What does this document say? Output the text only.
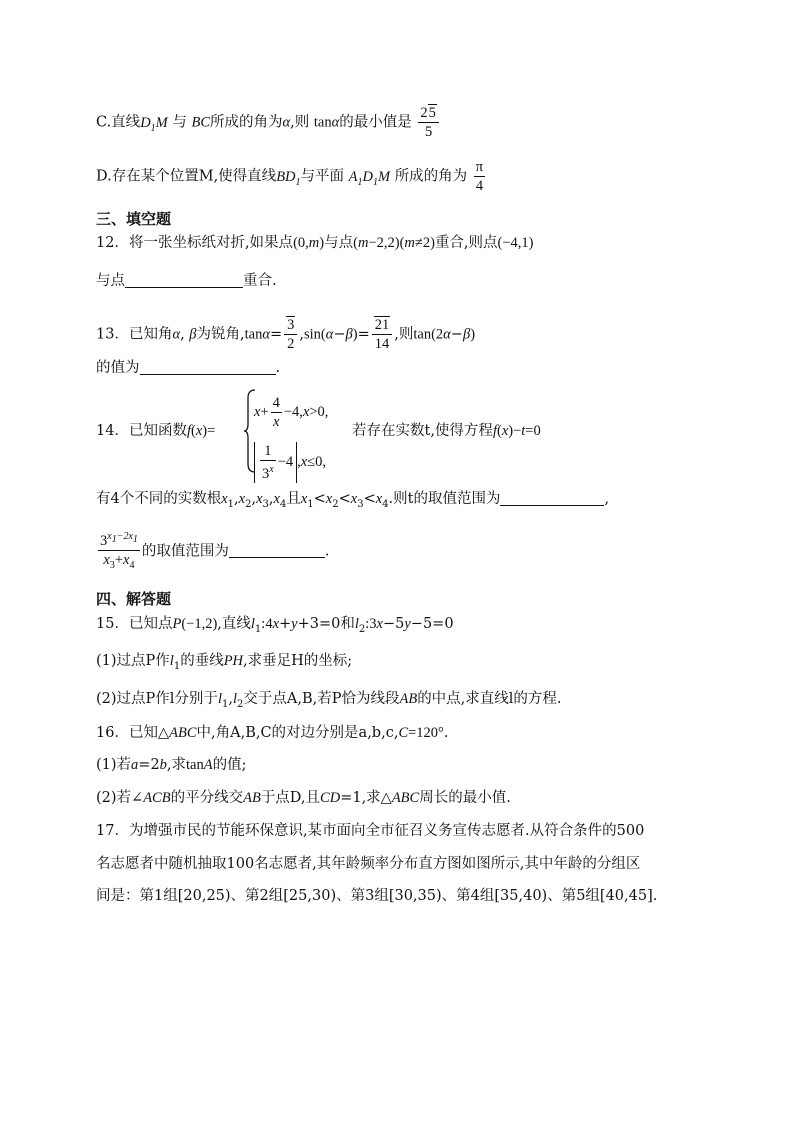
C.直线$D_1M$ 与 BC所成的角为α,则 tanα的最小值是 $\frac{25}{5}$
D.存在某个位置M,使得直线$BD_1$与平面 $A_1D_1M$ 所成的角为 $\frac{\pi}{4}$
三、填空题
12．将一张坐标纸对折,如果点(0,m)与点(m−2,2)(m≠2)重合,则点(−4,1)
与点	重合.
13．已知角α, β为锐角$,\tan\alpha= \frac{3}{2} ,\sin(\alpha-\beta)= \frac{21}{14}$ ,则tan(2α−β)
的值为	.
14．已知函数f(x)=
$x+ \frac{4}{x} -4,x>0$,
$\frac{1}{3^x} -4$ ,x≤0,
若存在实数t,使得方程f(x)−t=0
有4个不同的实数根$x_1,x_2,x_3,x_4$且$x_1<x_2<x_3<x_4$.则t的取值范围为	,
$\frac{3^{x_1-2x_1}}{x_3+x_4}$ 的取值范围为	.
四、解答题
15．已知点P(−1,2),直线$l_1:4x+y+3=0$和$l_2:3x-5y-5=0$
(1)过点P作$l_1$的垂线PH,求垂足H的坐标;
(2)过点P作l分别于$l_1,l_2$交于点A,B,若P恰为线段AB的中点,求直线l的方程.
16．已知△ABC中,角A,B,C的对边分别是a,b,c,C=120°.
(1)若a=2b,求tanA的值;
(2)若∠ACB的平分线交AB于点D,且CD=1,求△ABC周长的最小值.
17．为增强市民的节能环保意识,某市面向全市征召义务宣传志愿者.从符合条件的500
名志愿者中随机抽取100名志愿者,其年龄频率分布直方图如图所示,其中年龄的分组区
间是：第1组[20,25)、第2组[25,30)、第3组[30,35)、第4组[35,40)、第5组[40,45].
